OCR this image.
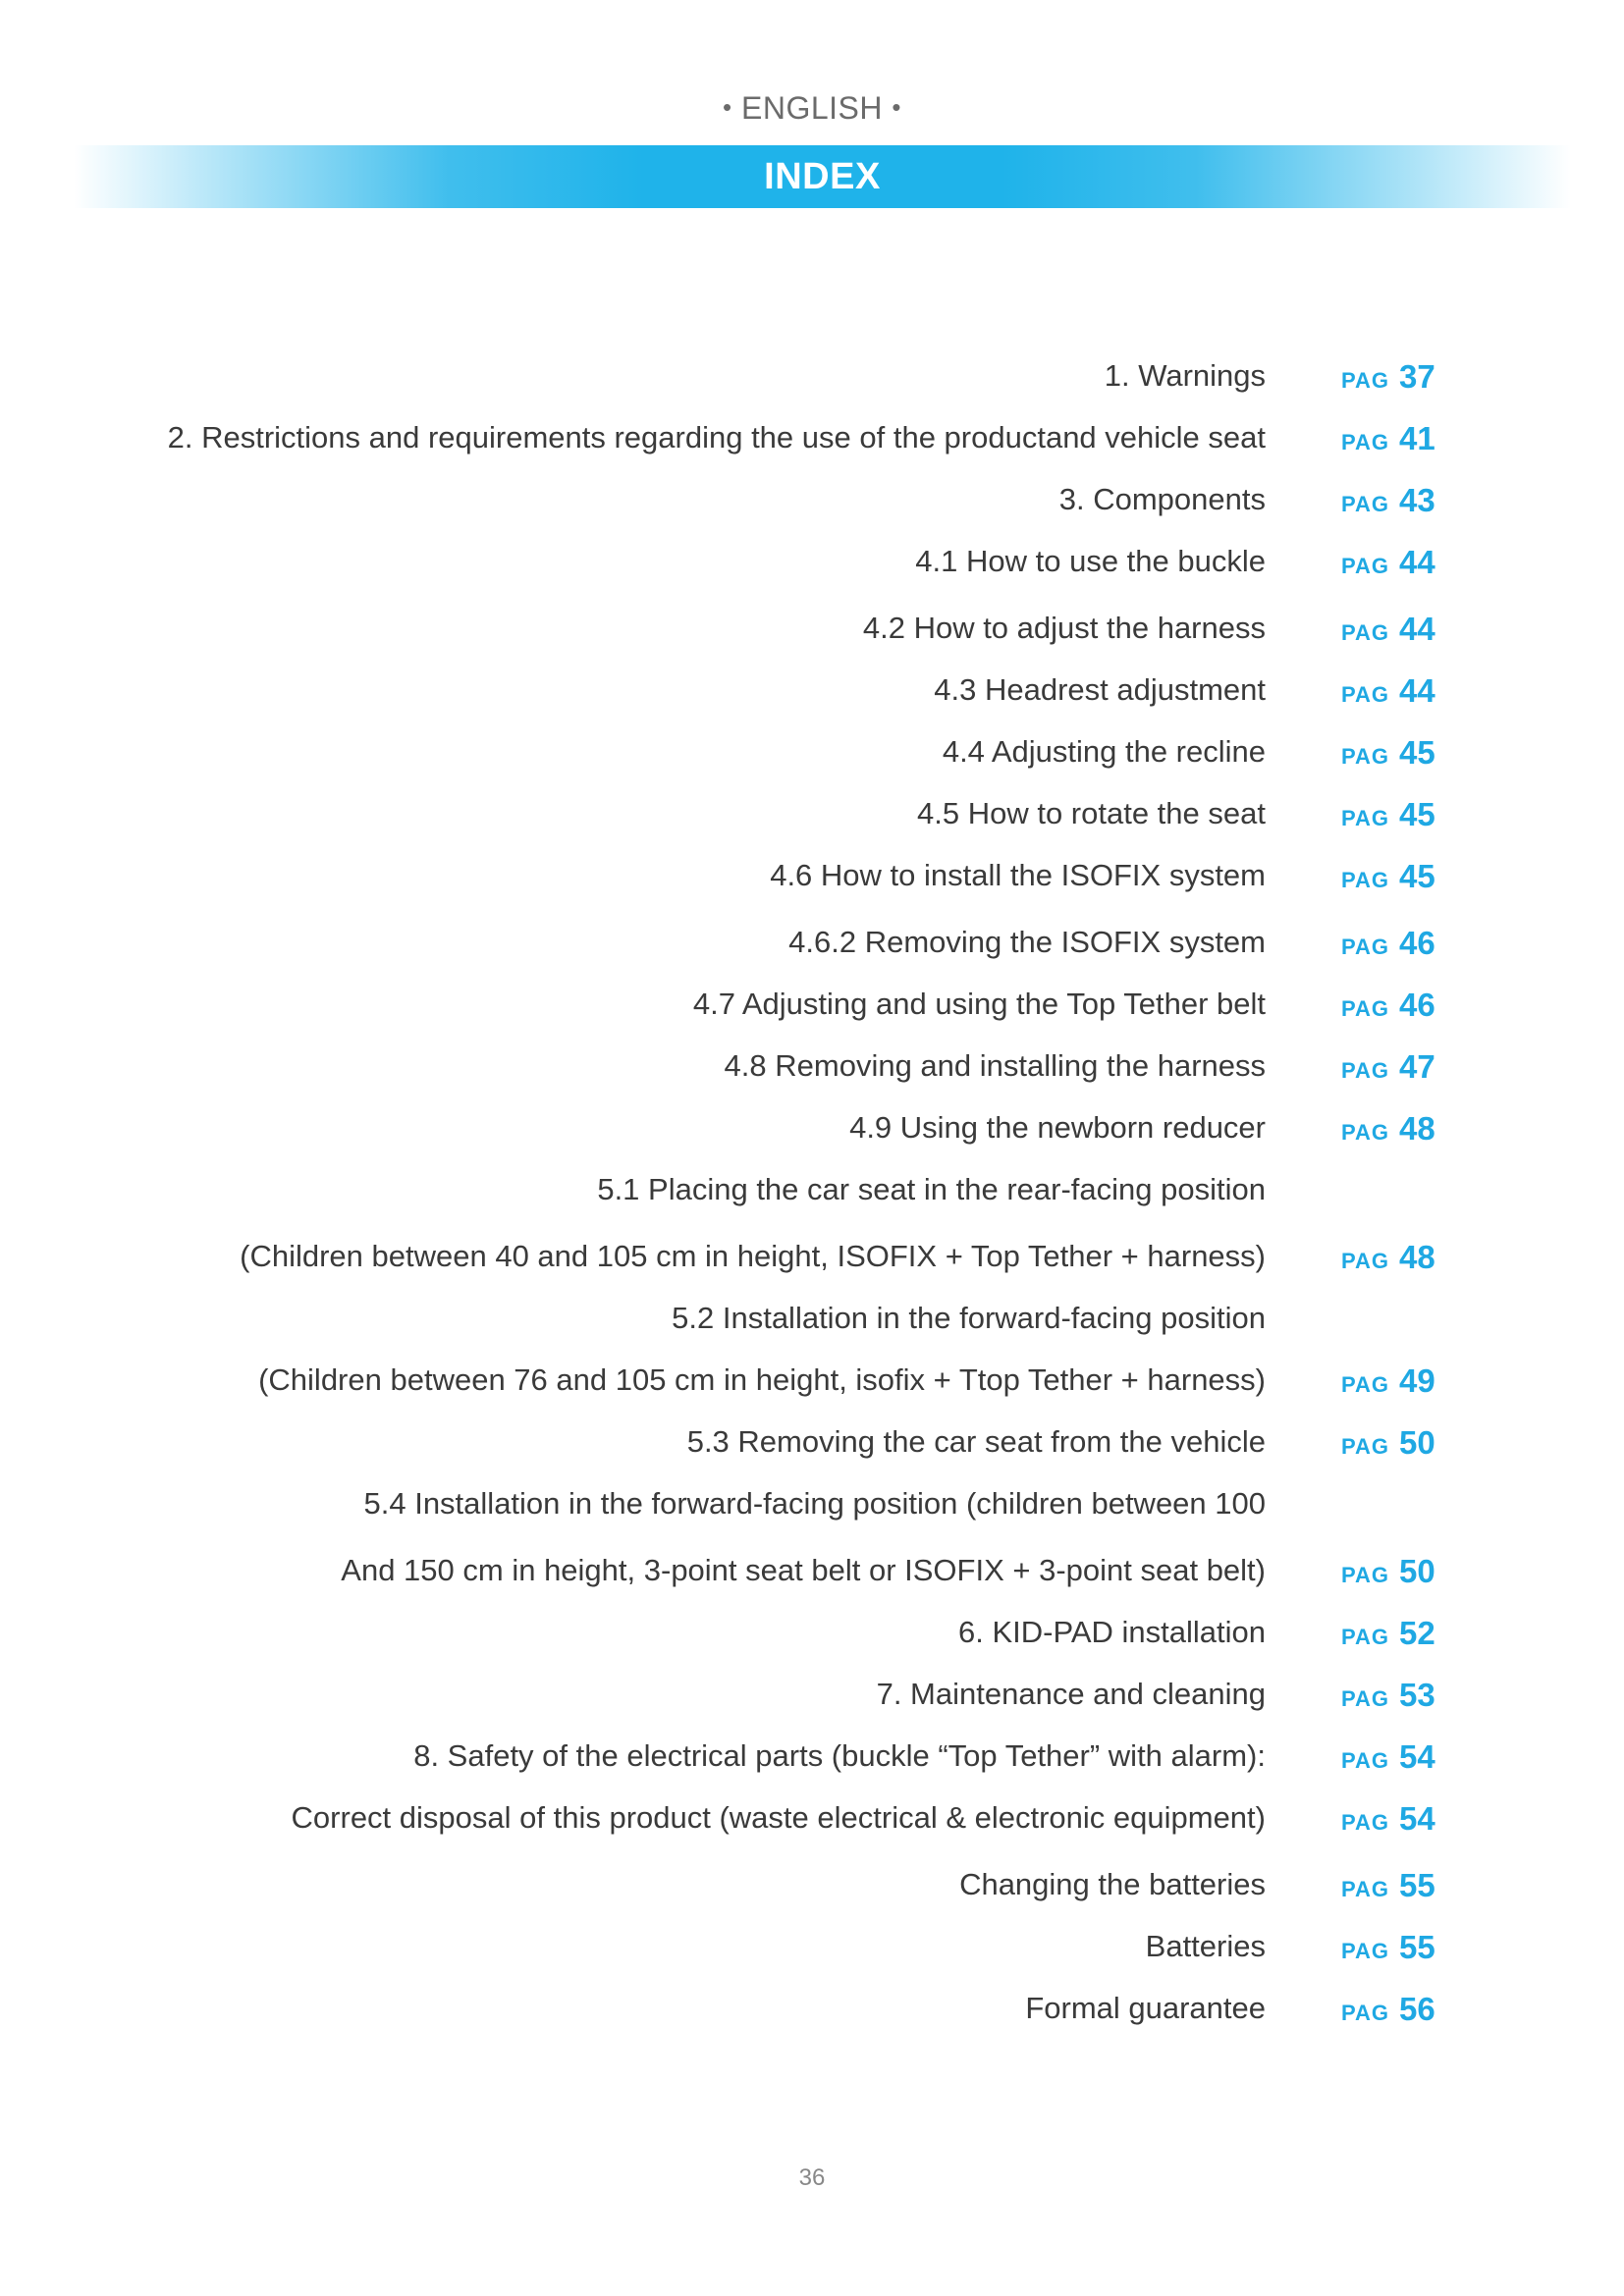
• ENGLISH •
INDEX
1. Warnings	PAG 37
2. Restrictions and requirements regarding the use of the productand vehicle seat	PAG 41
3. Components	PAG 43
4.1 How to use the buckle	PAG 44
4.2 How to adjust the harness	PAG 44
4.3 Headrest adjustment	PAG 44
4.4 Adjusting the recline	PAG 45
4.5 How to rotate the seat	PAG 45
4.6 How to install the ISOFIX system	PAG 45
4.6.2 Removing the ISOFIX system	PAG 46
4.7 Adjusting and using the Top Tether belt	PAG 46
4.8 Removing and installing the harness	PAG 47
4.9 Using the newborn reducer	PAG 48
5.1 Placing the car seat in the rear-facing position
(Children between 40 and 105 cm in height, ISOFIX + Top Tether + harness)	PAG 48
5.2 Installation in the forward-facing position
(Children between 76 and 105 cm in height, isofix + Ttop Tether + harness)	PAG 49
5.3 Removing the car seat from the vehicle	PAG 50
5.4 Installation in the forward-facing position (children between 100
And 150 cm in height, 3-point seat belt or ISOFIX + 3-point seat belt)	PAG 50
6. KID-PAD installation	PAG 52
7. Maintenance and cleaning	PAG 53
8. Safety of the electrical parts (buckle “Top Tether” with alarm):	PAG 54
Correct disposal of this product (waste electrical & electronic equipment)	PAG 54
Changing the batteries	PAG 55
Batteries	PAG 55
Formal guarantee	PAG 56
36
